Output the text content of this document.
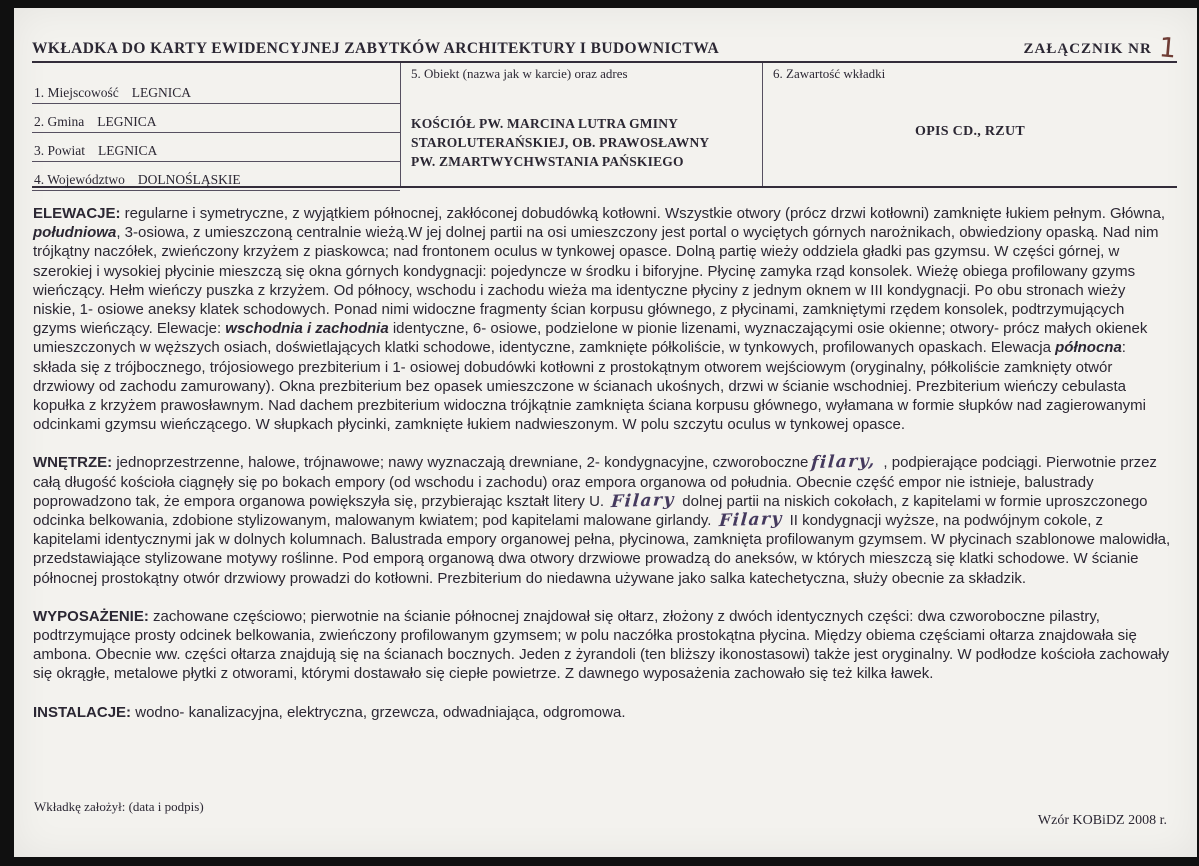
WKŁADKA DO KARTY EWIDENCYJNEJ ZABYTKÓW ARCHITEKTURY I BUDOWNICTWA	ZAŁĄCZNIK NR 1
1. Miejscowość LEGNICA
2. Gmina LEGNICA
3. Powiat LEGNICA
4. Województwo DOLNOŚLĄSKIE
5. Obiekt (nazwa jak w karcie) oraz adres
KOŚCIÓŁ PW. MARCINA LUTRA GMINY
STAROLUTERAŃSKIEJ, OB. PRAWOSŁAWNY
PW. ZMARTWYCHWSTANIA PAŃSKIEGO
6. Zawartość wkładki
OPIS CD., RZUT

ELEWACJE: regularne i symetryczne, z wyjątkiem północnej, zakłóconej dobudówką kotłowni. Wszystkie otwory (prócz drzwi kotłowni) zamknięte łukiem pełnym. Główna, południowa, 3-osiowa, z umieszczoną centralnie wieżą.W jej dolnej partii na osi umieszczony jest portal o wyciętych górnych narożnikach, obwiedziony opaską. Nad nim trójkątny naczółek, zwieńczony krzyżem z piaskowca; nad frontonem oculus w tynkowej opasce. Dolną partię wieży oddziela gładki pas gzymsu. W części górnej, w szerokiej i wysokiej płycinie mieszczą się okna górnych kondygnacji: pojedyncze w środku i biforyjne. Płycinę zamyka rząd konsolek. Wieżę obiega profilowany gzyms wieńczący. Hełm wieńczy puszka z krzyżem. Od północy, wschodu i zachodu wieża ma identyczne płyciny z jednym oknem w III kondygnacji. Po obu stronach wieży niskie, 1- osiowe aneksy klatek schodowych. Ponad nimi widoczne fragmenty ścian korpusu głównego, z płycinami, zamkniętymi rzędem konsolek, podtrzymujących gzyms wieńczący. Elewacje: wschodnia i zachodnia identyczne, 6- osiowe, podzielone w pionie lizenami, wyznaczającymi osie okienne; otwory- prócz małych okienek umieszczonych w węższych osiach, doświetlających klatki schodowe, identyczne, zamknięte półkoliście, w tynkowych, profilowanych opaskach. Elewacja północna: składa się z trójbocznego, trójosiowego prezbiterium i 1- osiowej dobudówki kotłowni z prostokątnym otworem wejściowym (oryginalny, półkoliście zamknięty otwór drzwiowy od zachodu zamurowany). Okna prezbiterium bez opasek umieszczone w ścianach ukośnych, drzwi w ścianie wschodniej. Prezbiterium wieńczy cebulasta kopułka z krzyżem prawosławnym. Nad dachem prezbiterium widoczna trójkątnie zamknięta ściana korpusu głównego, wyłamana w formie słupków nad zagierowanymi odcinkami gzymsu wieńczącego. W słupkach płycinki, zamknięte łukiem nadwieszonym. W polu szczytu oculus w tynkowej opasce.

WNĘTRZE: jednoprzestrzenne, halowe, trójnawowe; nawy wyznaczają drewniane, 2- kondygnacyjne, czworoboczne filary, , podpierające podciągi. Pierwotnie przez całą długość kościoła ciągnęły się po bokach empory (od wschodu i zachodu) oraz empora organowa od południa. Obecnie część empor nie istnieje, balustrady poprowadzono tak, że empora organowa powiększyła się, przybierając kształt litery U. Filary dolnej partii na niskich cokołach, z kapitelami w formie uproszczonego odcinka belkowania, zdobione stylizowanym, malowanym kwiatem; pod kapitelami malowane girlandy. Filary II kondygnacji wyższe, na podwójnym cokole, z kapitelami identycznymi jak w dolnych kolumnach. Balustrada empory organowej pełna, płycinowa, zamknięta profilowanym gzymsem. W płycinach szablonowe malowidła, przedstawiające stylizowane motywy roślinne. Pod emporą organową dwa otwory drzwiowe prowadzą do aneksów, w których mieszczą się klatki schodowe. W ścianie północnej prostokątny otwór drzwiowy prowadzi do kotłowni. Prezbiterium do niedawna używane jako salka katechetyczna, służy obecnie za składzik.

WYPOSAŻENIE: zachowane częściowo; pierwotnie na ścianie północnej znajdował się ołtarz, złożony z dwóch identycznych części: dwa czworoboczne pilastry, podtrzymujące prosty odcinek belkowania, zwieńczony profilowanym gzymsem; w polu naczółka prostokątna płycina. Między obiema częściami ołtarza znajdowała się ambona. Obecnie ww. części ołtarza znajdują się na ścianach bocznych. Jeden z żyrandoli (ten bliższy ikonostasowi) także jest oryginalny. W podłodze kościoła zachowały się okrągłe, metalowe płytki z otworami, którymi dostawało się ciepłe powietrze. Z dawnego wyposażenia zachowało się też kilka ławek.

INSTALACJE: wodno- kanalizacyjna, elektryczna, grzewcza, odwadniająca, odgromowa.

Wkładkę założył: (data i podpis)
Wzór KOBiDZ 2008 r.
